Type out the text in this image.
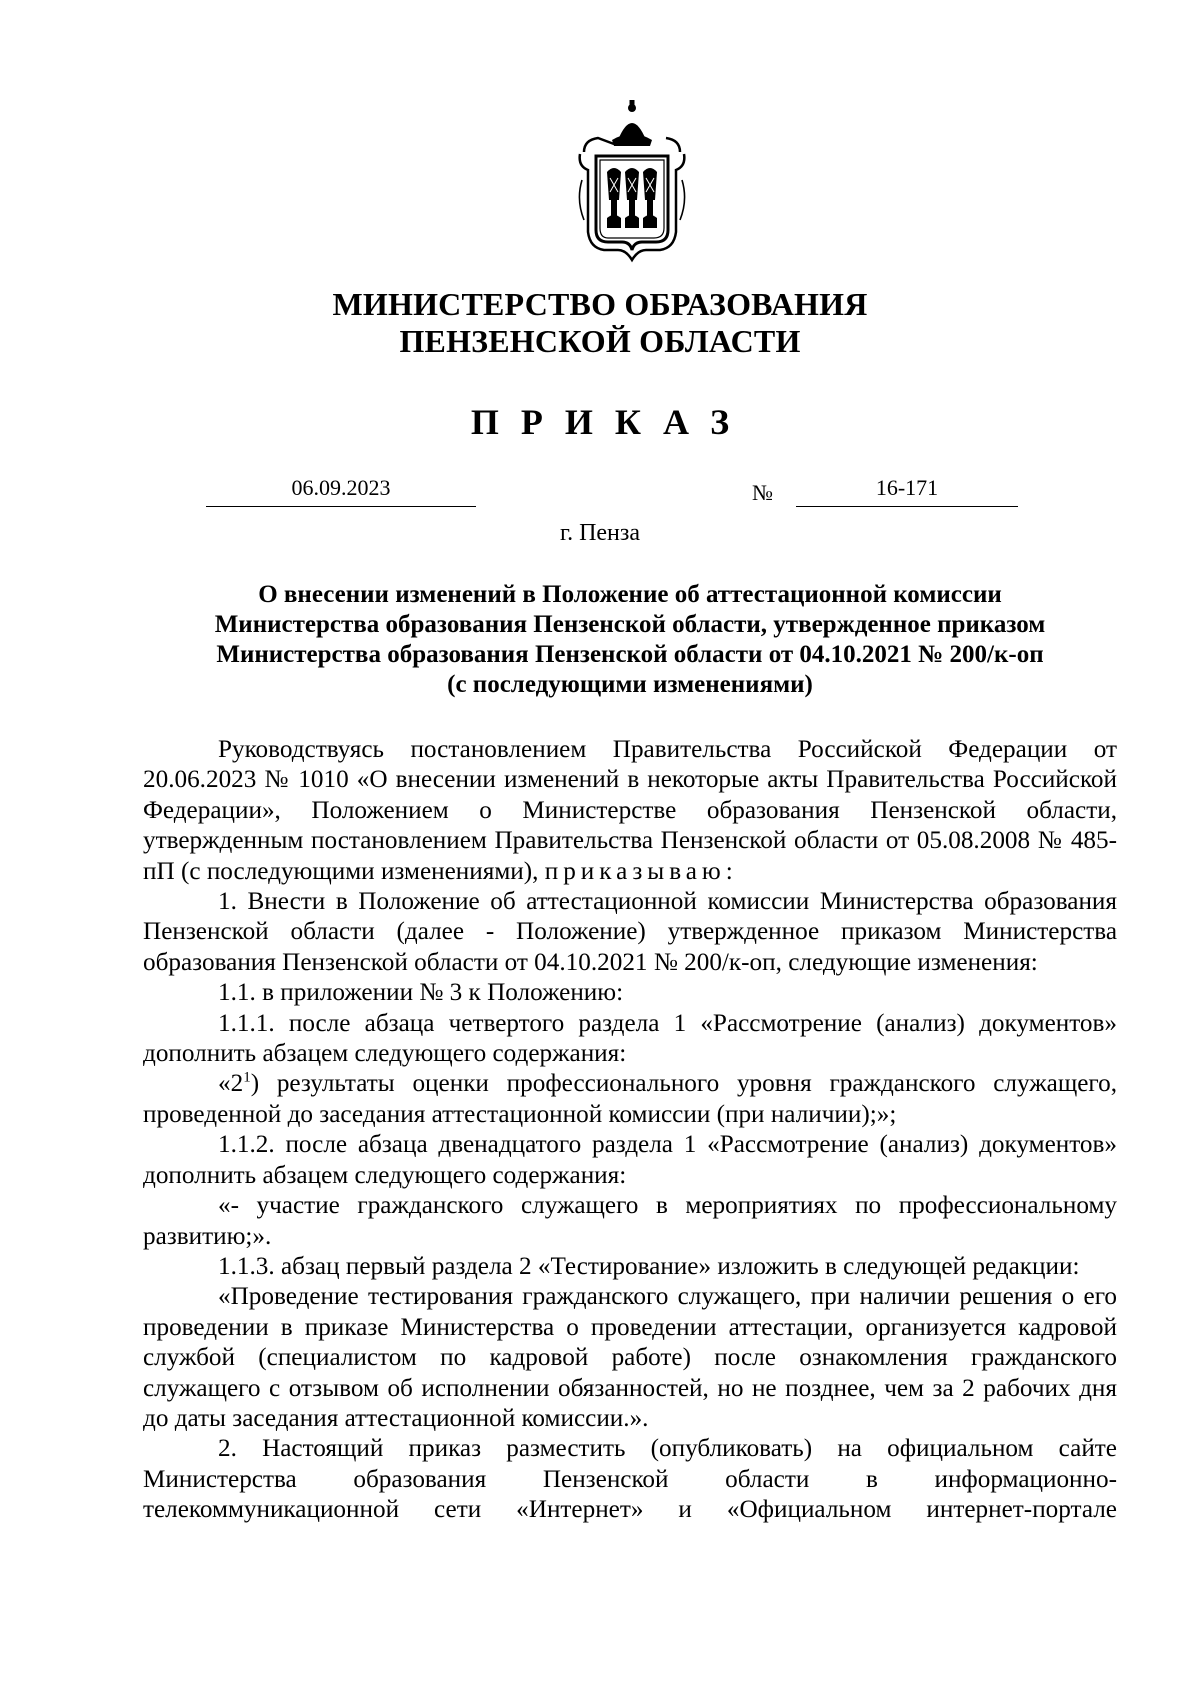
МИНИСТЕРСТВО ОБРАЗОВАНИЯ
ПЕНЗЕНСКОЙ ОБЛАСТИ
ПРИКАЗ
06.09.2023	№	16-171
г. Пенза
О внесении изменений в Положение об аттестационной комиссии
Министерства образования Пензенской области, утвержденное приказом
Министерства образования Пензенской области от 04.10.2021 № 200/к-оп
(с последующими изменениями)

Руководствуясь постановлением Правительства Российской Федерации от 20.06.2023 № 1010 «О внесении изменений в некоторые акты Правительства Российской Федерации», Положением о Министерстве образования Пензенской области, утвержденным постановлением Правительства Пензенской области от 05.08.2008 № 485-пП (с последующими изменениями), приказываю:

1. Внести в Положение об аттестационной комиссии Министерства образования Пензенской области (далее - Положение) утвержденное приказом Министерства образования Пензенской области от 04.10.2021 № 200/к-оп, следующие изменения:

1.1. в приложении № 3 к Положению:

1.1.1. после абзаца четвертого раздела 1 «Рассмотрение (анализ) документов» дополнить абзацем следующего содержания:

«$2^1$) результаты оценки профессионального уровня гражданского служащего, проведенной до заседания аттестационной комиссии (при наличии);»;

1.1.2. после абзаца двенадцатого раздела 1 «Рассмотрение (анализ) документов» дополнить абзацем следующего содержания:

«- участие гражданского служащего в мероприятиях по профессиональному развитию;».

1.1.3. абзац первый раздела 2 «Тестирование» изложить в следующей редакции:

«Проведение тестирования гражданского служащего, при наличии решения о его проведении в приказе Министерства о проведении аттестации, организуется кадровой службой (специалистом по кадровой работе) после ознакомления гражданского служащего с отзывом об исполнении обязанностей, но не позднее, чем за 2 рабочих дня до даты заседания аттестационной комиссии.».

2. Настоящий приказ разместить (опубликовать) на официальном сайте Министерства образования Пензенской области в информационно-телекоммуникационной сети «Интернет» и «Официальном интернет-портале
